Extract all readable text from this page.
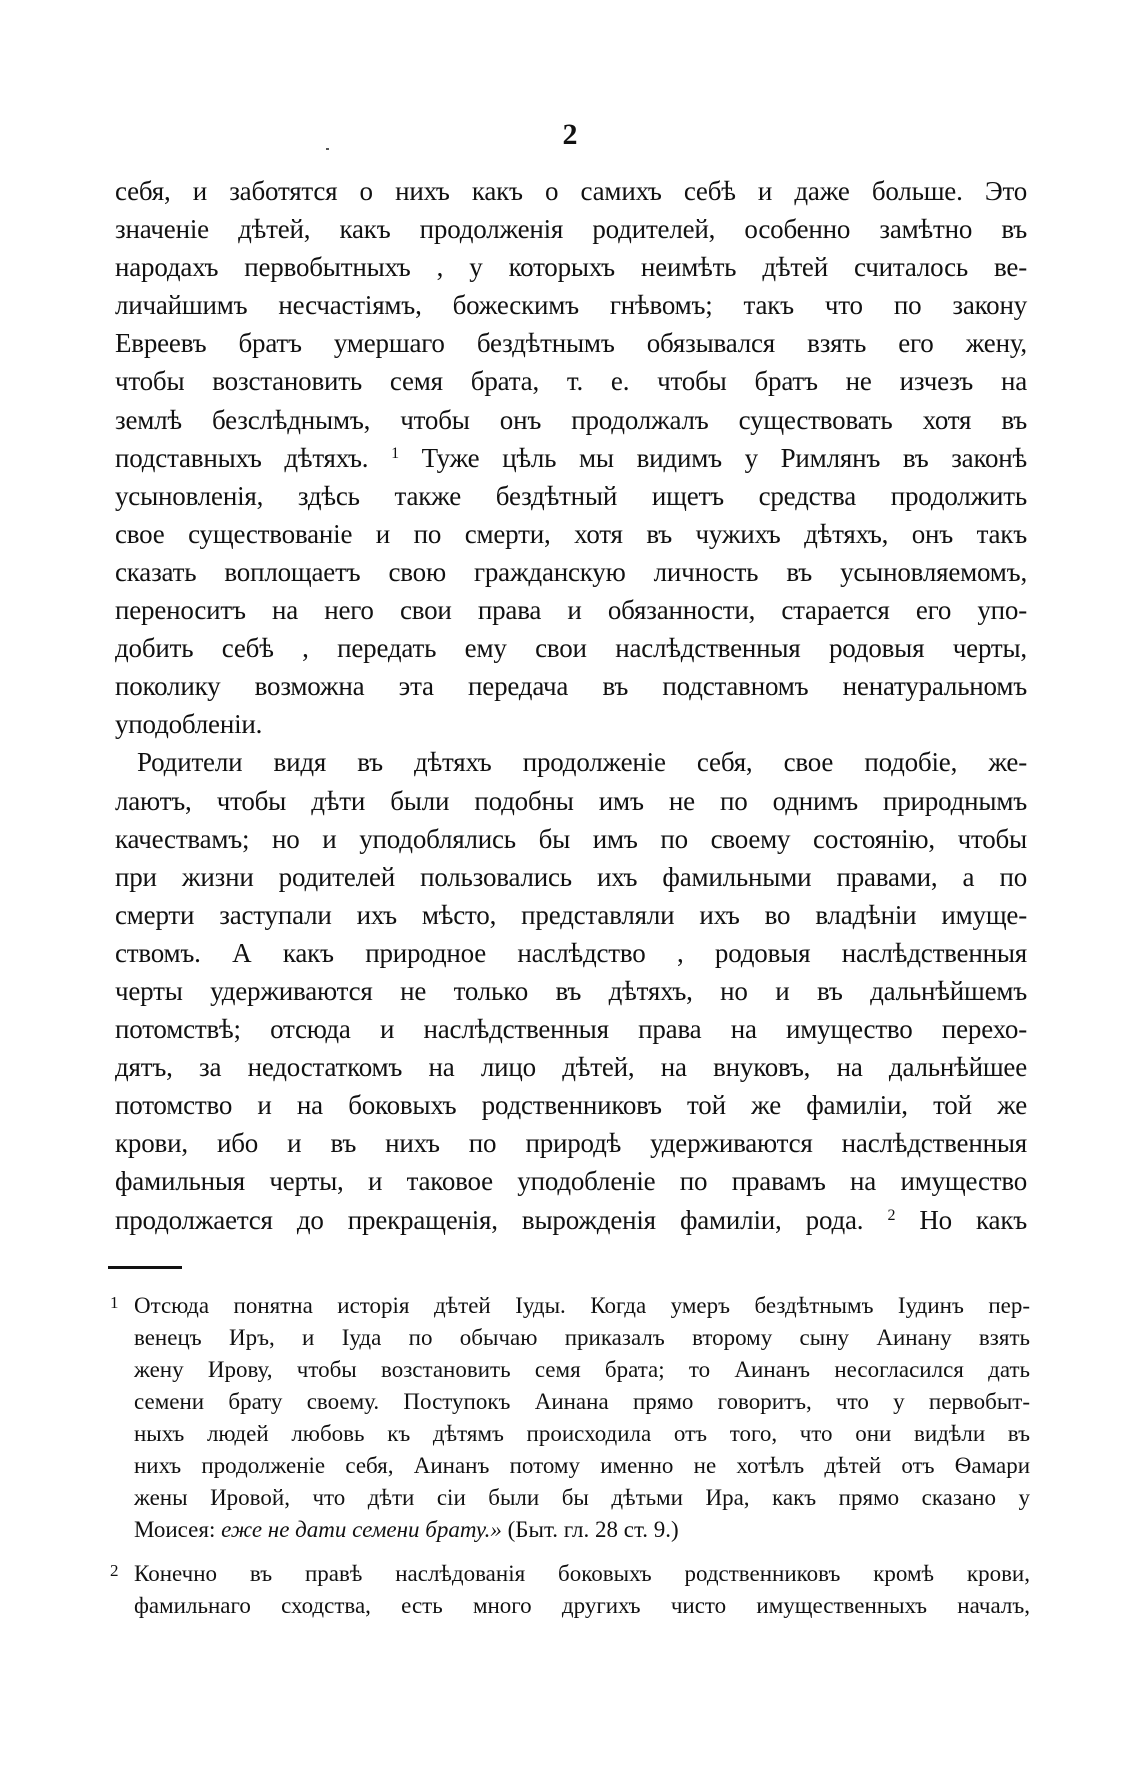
2
себя, и заботятся о нихъ какъ о самихъ себѣ и даже больше. Это
значеніе дѣтей, какъ продолженія родителей, особенно замѣтно въ
народахъ первобытныхъ , у которыхъ неимѣть дѣтей считалось ве-
личайшимъ несчастіямъ, божескимъ гнѣвомъ; такъ что по закону
Евреевъ братъ умершаго бездѣтнымъ обязывался взять его жену,
чтобы возстановить семя брата, т. е. чтобы братъ не изчезъ на
землѣ безслѣднымъ, чтобы онъ продолжалъ существовать хотя въ
подставныхъ дѣтяхъ. $^1$ Туже цѣль мы видимъ у Римлянъ въ законѣ
усыновленія, здѣсь также бездѣтный ищетъ средства продолжить
свое существованіе и по смерти, хотя въ чужихъ дѣтяхъ, онъ такъ
сказать воплощаетъ свою гражданскую личность въ усыновляемомъ,
переноситъ на него свои права и обязанности, старается его упо-
добить себѣ , передать ему свои наслѣдственныя родовыя черты,
поколику возможна эта передача въ подставномъ ненатуральномъ
уподобленіи.
Родители видя въ дѣтяхъ продолженіе себя, свое подобіе, же-
лаютъ, чтобы дѣти были подобны имъ не по однимъ природнымъ
качествамъ; но и уподоблялись бы имъ по своему состоянію, чтобы
при жизни родителей пользовались ихъ фамильными правами, а по
смерти заступали ихъ мѣсто, представляли ихъ во владѣніи имуще-
ствомъ. А какъ природное наслѣдство , родовыя наслѣдственныя
черты удерживаются не только въ дѣтяхъ, но и въ дальнѣйшемъ
потомствѣ; отсюда и наслѣдственныя права на имущество перехо-
дятъ, за недостаткомъ на лицо дѣтей, на внуковъ, на дальнѣйшее
потомство и на боковыхъ родственниковъ той же фамиліи, той же
крови, ибо и въ нихъ по природѣ удерживаются наслѣдственныя
фамильныя черты, и таковое уподобленіе по правамъ на имущество
продолжается до прекращенія, вырожденія фамиліи, рода. $^2$ Но какъ
1 Отсюда понятна исторія дѣтей Іуды. Когда умеръ бездѣтнымъ Іудинъ пер-
венецъ Иръ, и Іуда по обычаю приказалъ второму сыну Аинану взять
жену Ирову, чтобы возстановить семя брата; то Аинанъ несогласился дать
семени брату своему. Поступокъ Аинана прямо говоритъ, что у первобыт-
ныхъ людей любовь къ дѣтямъ происходила отъ того, что они видѣли въ
нихъ продолженіе себя, Аинанъ потому именно не хотѣлъ дѣтей отъ Ѳамари
жены Ировой, что дѣти сіи были бы дѣтьми Ира, какъ прямо сказано у
Моисея: еже не дати семени брату.» (Быт. гл. 28 ст. 9.)
2 Конечно въ правѣ наслѣдованія боковыхъ родственниковъ кромѣ крови,
фамильнаго сходства, есть много другихъ чисто имущественныхъ началъ,
